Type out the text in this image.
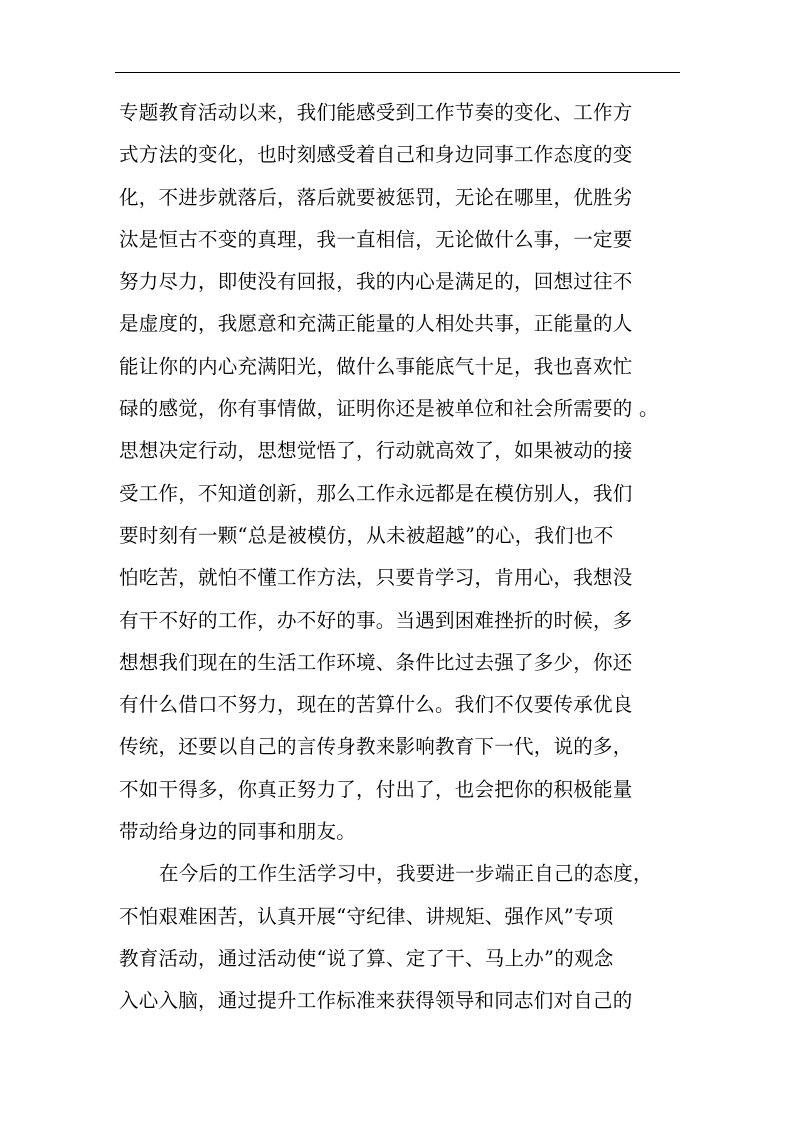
专题教育活动以来，我们能感受到工作节奏的变化、工作方
式方法的变化，也时刻感受着自己和身边同事工作态度的变
化，不进步就落后，落后就要被惩罚，无论在哪里，优胜劣
汰是恒古不变的真理，我一直相信，无论做什么事，一定要
努力尽力，即使没有回报，我的内心是满足的，回想过往不
是虚度的，我愿意和充满正能量的人相处共事，正能量的人
能让你的内心充满阳光，做什么事能底气十足，我也喜欢忙
碌的感觉，你有事情做，证明你还是被单位和社会所需要的 。
思想决定行动，思想觉悟了，行动就高效了，如果被动的接
受工作，不知道创新，那么工作永远都是在模仿别人，我们
要时刻有一颗“总是被模仿，从未被超越”的心，我们也不
怕吃苦，就怕不懂工作方法，只要肯学习，肯用心，我想没
有干不好的工作，办不好的事。当遇到困难挫折的时候，多
想想我们现在的生活工作环境、条件比过去强了多少，你还
有什么借口不努力，现在的苦算什么。我们不仅要传承优良
传统，还要以自己的言传身教来影响教育下一代，说的多，
不如干得多，你真正努力了，付出了，也会把你的积极能量
带动给身边的同事和朋友。
在今后的工作生活学习中，我要进一步端正自己的态度，
不怕艰难困苦，认真开展“守纪律、讲规矩、强作风”专项
教育活动，通过活动使“说了算、定了干、马上办”的观念
入心入脑，通过提升工作标准来获得领导和同志们对自己的
